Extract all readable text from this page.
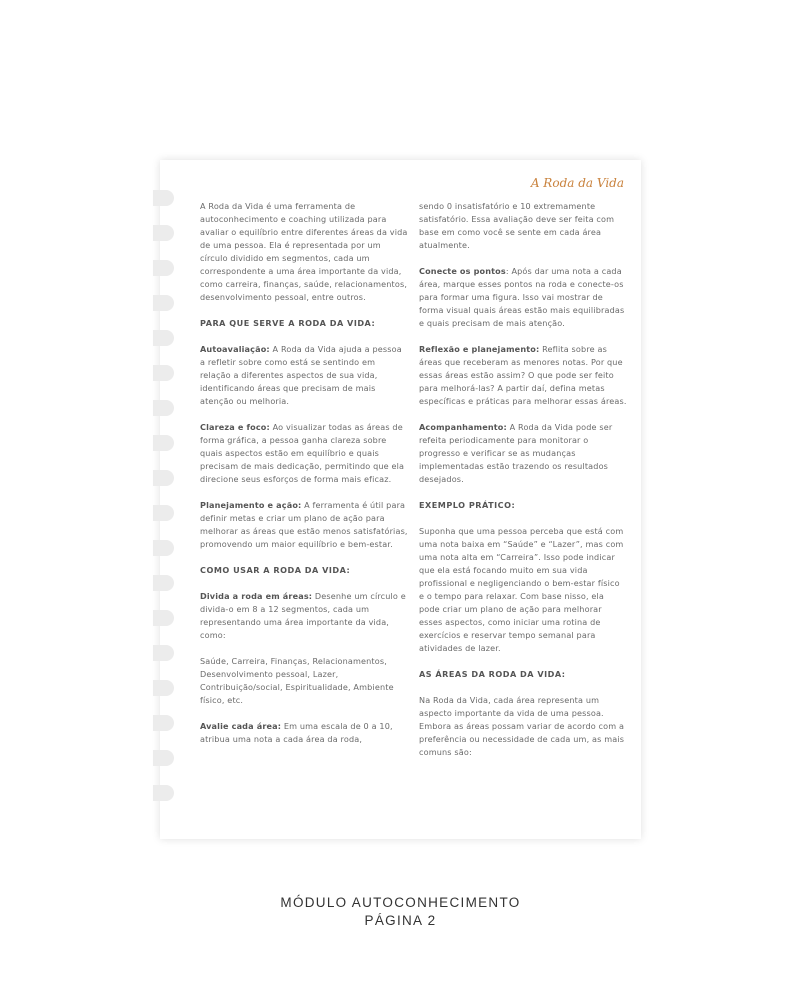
A Roda da Vida

A Roda da Vida é uma ferramenta de autoconhecimento e coaching utilizada para avaliar o equilíbrio entre diferentes áreas da vida de uma pessoa. Ela é representada por um círculo dividido em segmentos, cada um correspondente a uma área importante da vida, como carreira, finanças, saúde, relacionamentos, desenvolvimento pessoal, entre outros.

PARA QUE SERVE A RODA DA VIDA:

Autoavaliação: A Roda da Vida ajuda a pessoa a refletir sobre como está se sentindo em relação a diferentes aspectos de sua vida, identificando áreas que precisam de mais atenção ou melhoria.

Clareza e foco: Ao visualizar todas as áreas de forma gráfica, a pessoa ganha clareza sobre quais aspectos estão em equilíbrio e quais precisam de mais dedicação, permitindo que ela direcione seus esforços de forma mais eficaz.

Planejamento e ação: A ferramenta é útil para definir metas e criar um plano de ação para melhorar as áreas que estão menos satisfatórias, promovendo um maior equilíbrio e bem-estar.

COMO USAR A RODA DA VIDA:

Divida a roda em áreas: Desenhe um círculo e divida-o em 8 a 12 segmentos, cada um representando uma área importante da vida, como:

Saúde, Carreira, Finanças, Relacionamentos, Desenvolvimento pessoal, Lazer, Contribuição/social, Espiritualidade, Ambiente físico, etc.

Avalie cada área: Em uma escala de 0 a 10, atribua uma nota a cada área da roda,

sendo 0 insatisfatório e 10 extremamente satisfatório. Essa avaliação deve ser feita com base em como você se sente em cada área atualmente.

Conecte os pontos: Após dar uma nota a cada área, marque esses pontos na roda e conecte-os para formar uma figura. Isso vai mostrar de forma visual quais áreas estão mais equilibradas e quais precisam de mais atenção.

Reflexão e planejamento: Reflita sobre as áreas que receberam as menores notas. Por que essas áreas estão assim? O que pode ser feito para melhorá-las? A partir daí, defina metas específicas e práticas para melhorar essas áreas.

Acompanhamento: A Roda da Vida pode ser refeita periodicamente para monitorar o progresso e verificar se as mudanças implementadas estão trazendo os resultados desejados.

EXEMPLO PRÁTICO:

Suponha que uma pessoa perceba que está com uma nota baixa em “Saúde” e “Lazer”, mas com uma nota alta em “Carreira”. Isso pode indicar que ela está focando muito em sua vida profissional e negligenciando o bem-estar físico e o tempo para relaxar. Com base nisso, ela pode criar um plano de ação para melhorar esses aspectos, como iniciar uma rotina de exercícios e reservar tempo semanal para atividades de lazer.

AS ÁREAS DA RODA DA VIDA:

Na Roda da Vida, cada área representa um aspecto importante da vida de uma pessoa. Embora as áreas possam variar de acordo com a preferência ou necessidade de cada um, as mais comuns são:

MÓDULO AUTOCONHECIMENTO
PÁGINA 2
